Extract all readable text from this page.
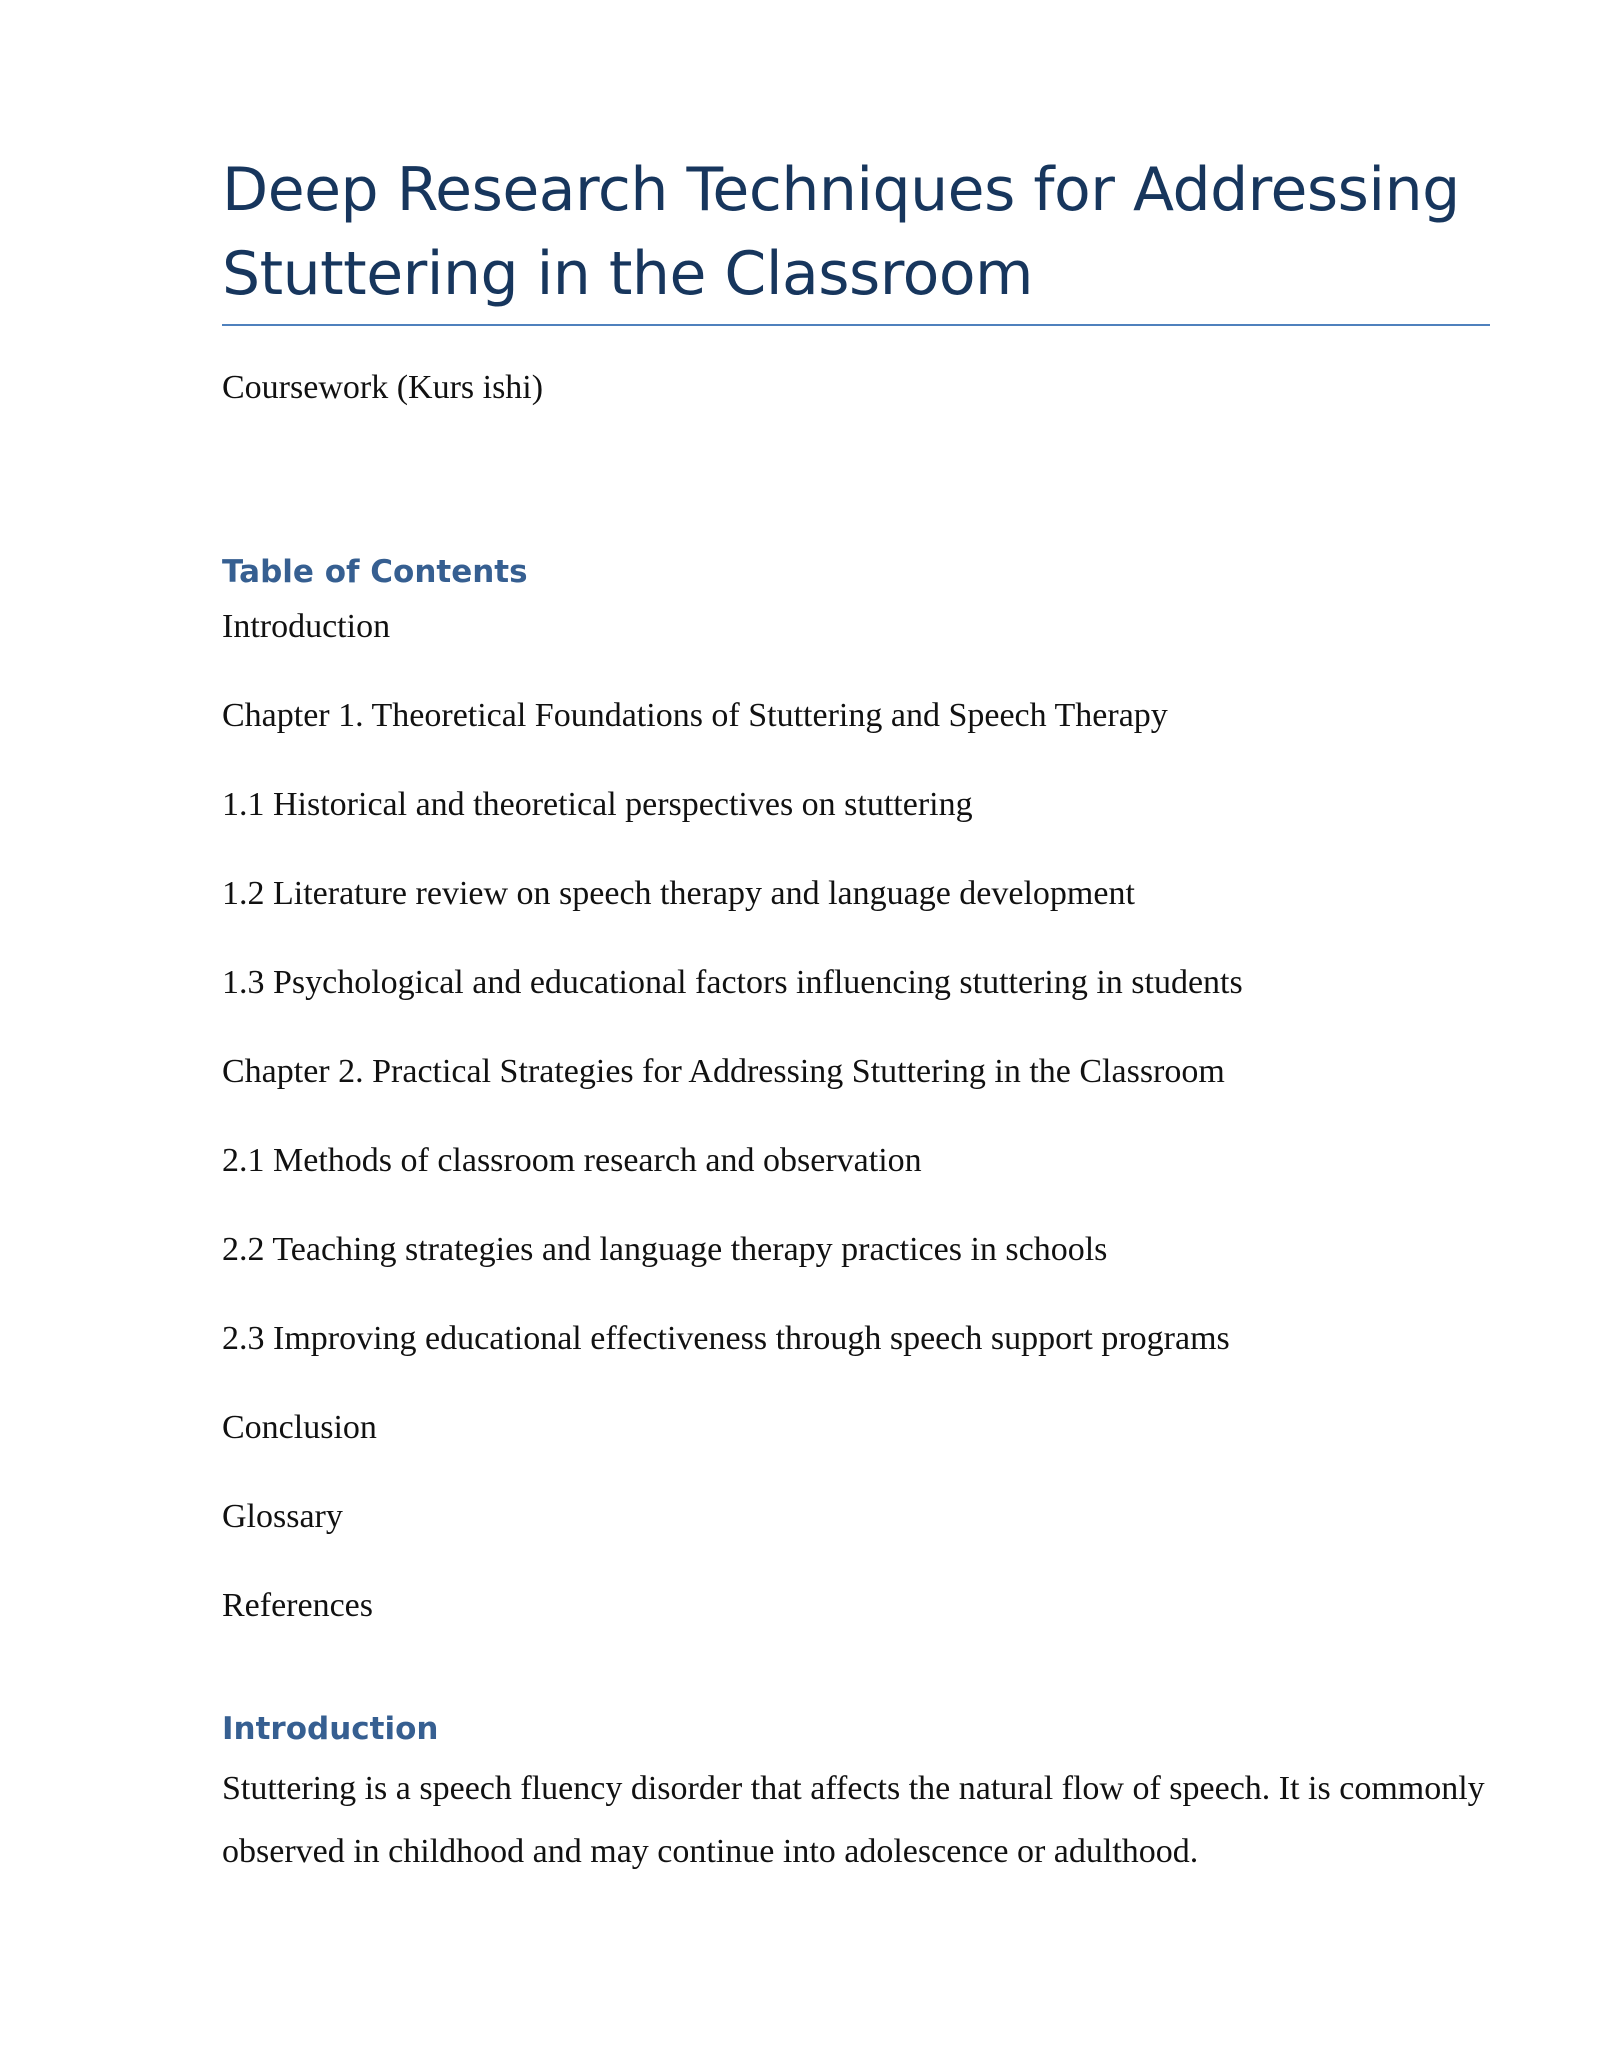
Deep Research Techniques for Addressing Stuttering in the Classroom
Coursework (Kurs ishi)
Table of Contents
Introduction
Chapter 1. Theoretical Foundations of Stuttering and Speech Therapy
1.1 Historical and theoretical perspectives on stuttering
1.2 Literature review on speech therapy and language development
1.3 Psychological and educational factors influencing stuttering in students
Chapter 2. Practical Strategies for Addressing Stuttering in the Classroom
2.1 Methods of classroom research and observation
2.2 Teaching strategies and language therapy practices in schools
2.3 Improving educational effectiveness through speech support programs
Conclusion
Glossary
References
Introduction

Stuttering is a speech fluency disorder that affects the natural flow of speech. It is commonly observed in childhood and may continue into adolescence or adulthood.
